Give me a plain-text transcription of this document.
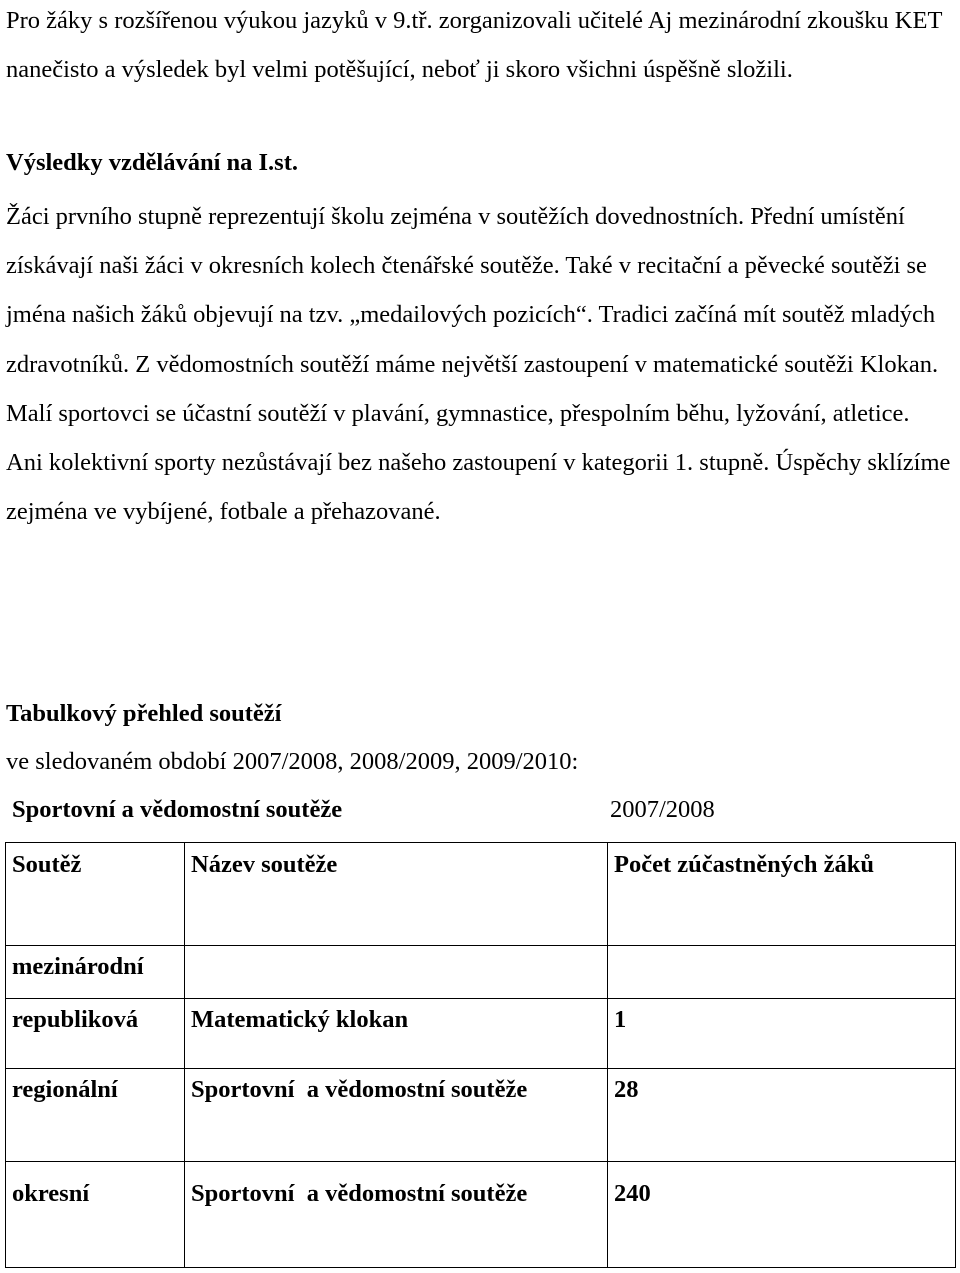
Pro žáky s rozšířenou výukou jazyků v 9.tř. zorganizovali učitelé Aj mezinárodní zkoušku KET nanečisto a výsledek byl velmi potěšující, neboť ji skoro všichni úspěšně složili.

Výsledky vzdělávání na I.st.

Žáci prvního stupně reprezentují školu zejména v soutěžích dovednostních. Přední umístění získávají naši žáci v okresních kolech čtenářské soutěže. Také v recitační a pěvecké soutěži se jména našich žáků objevují na tzv. „medailových pozicích“. Tradici začíná mít soutěž mladých zdravotníků. Z vědomostních soutěží máme největší zastoupení v matematické soutěži Klokan.
Malí sportovci se účastní soutěží v plavání, gymnastice, přespolním běhu, lyžování, atletice. Ani kolektivní sporty nezůstávají bez našeho zastoupení v kategorii 1. stupně. Úspěchy sklízíme zejména ve vybíjené, fotbale a přehazované.

Tabulkový přehled soutěží

ve sledovaném období 2007/2008, 2008/2009, 2009/2010:

Sportovní a vědomostní soutěže	2007/2008

Soutěž	Název soutěže	Počet zúčastněných žáků
mezinárodní		
republiková	Matematický klokan	1
regionální	Sportovní  a vědomostní soutěže	28
okresní	Sportovní  a vědomostní soutěže	240
